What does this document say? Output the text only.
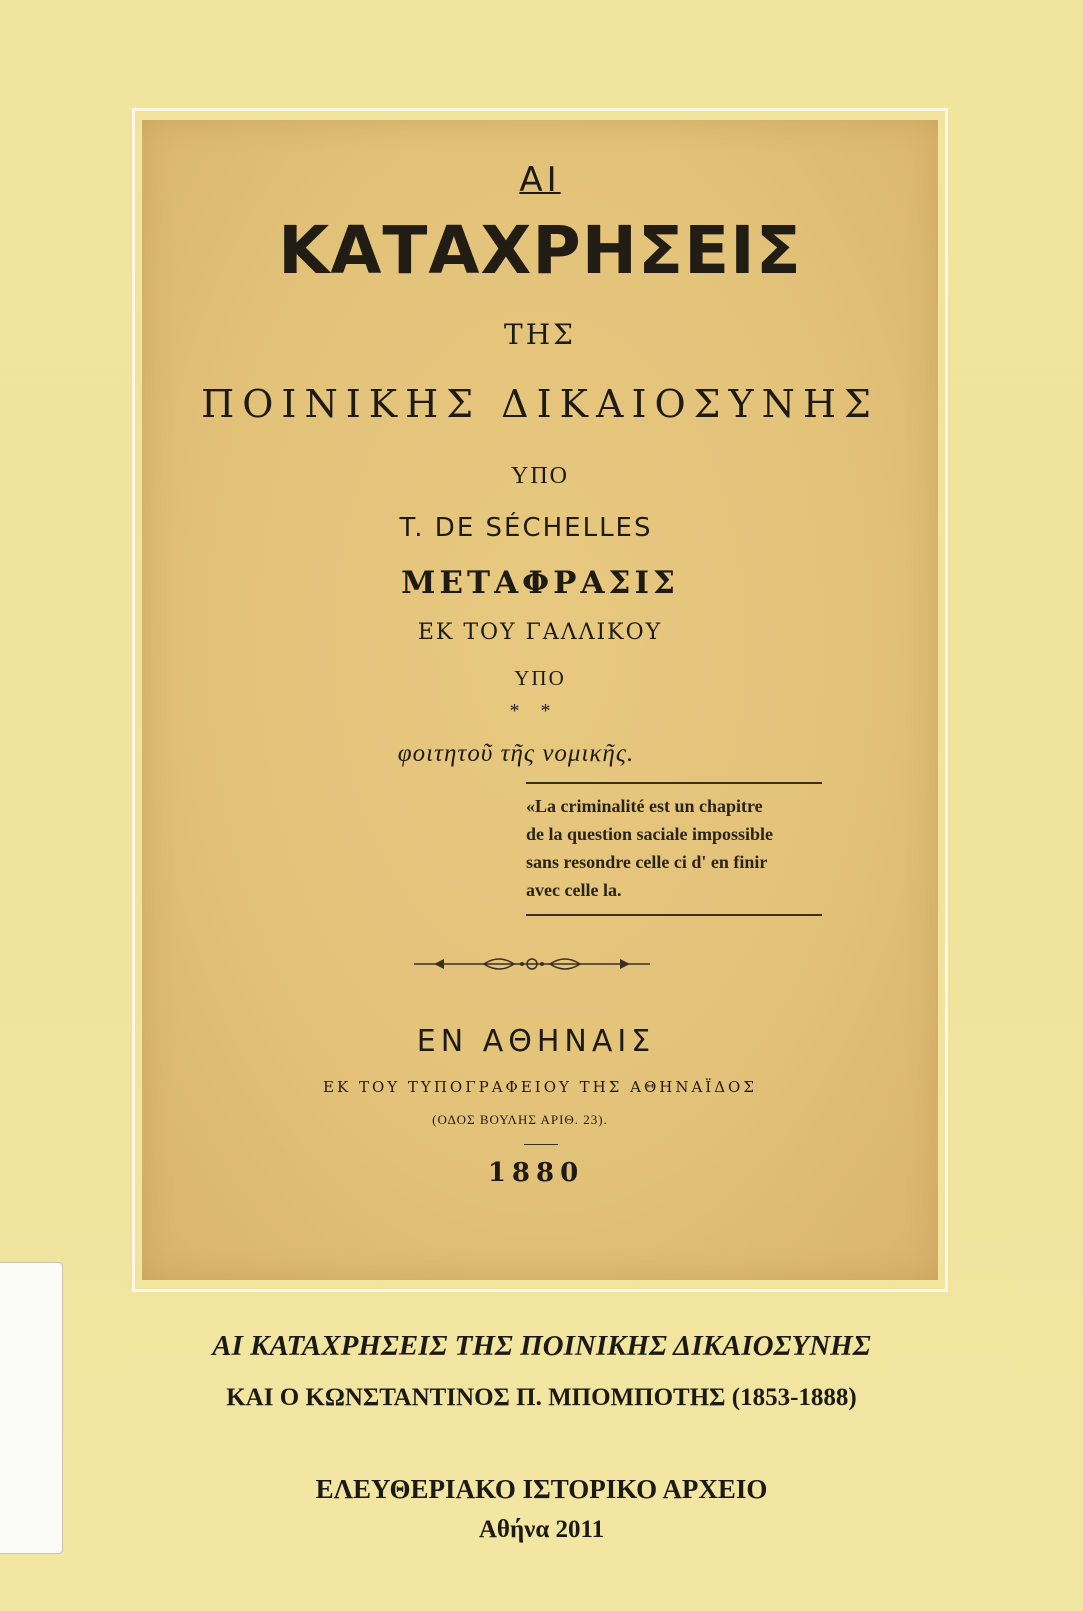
ΑΙ
ΚΑΤΑΧΡΗΣΕΙΣ
ΤΗΣ
ΠΟΙΝΙΚΗΣ ΔΙΚΑΙΟΣΥΝΗΣ
ΥΠΟ
T. DE SÉCHELLES
ΜΕΤΑΦΡΑΣΙΣ
ΕΚ ΤΟΥ ΓΑΛΛΙΚΟΥ
ΥΠΟ
* *
φοιτητοῦ τῆς νομικῆς.
«La criminalité est un chapitre
de la question saciale impossible
sans resondre celle ci d' en finir
avec celle la.
ΕΝ ΑΘΗΝΑΙΣ
ΕΚ ΤΟΥ ΤΥΠΟΓΡΑΦΕΙΟΥ ΤΗΣ ΑΘΗΝΑΪΔΟΣ
(ΟΔΟΣ ΒΟΥΛΗΣ ΑΡΙΘ. 23).
1880
ΑΙ ΚΑΤΑΧΡΗΣΕΙΣ ΤΗΣ ΠΟΙΝΙΚΗΣ ΔΙΚΑΙΟΣΥΝΗΣ
ΚΑΙ Ο ΚΩΝΣΤΑΝΤΙΝΟΣ Π. ΜΠΟΜΠΟΤΗΣ (1853-1888)
ΕΛΕΥΘΕΡΙΑΚΟ ΙΣΤΟΡΙΚΟ ΑΡΧΕΙΟ
Αθήνα 2011
